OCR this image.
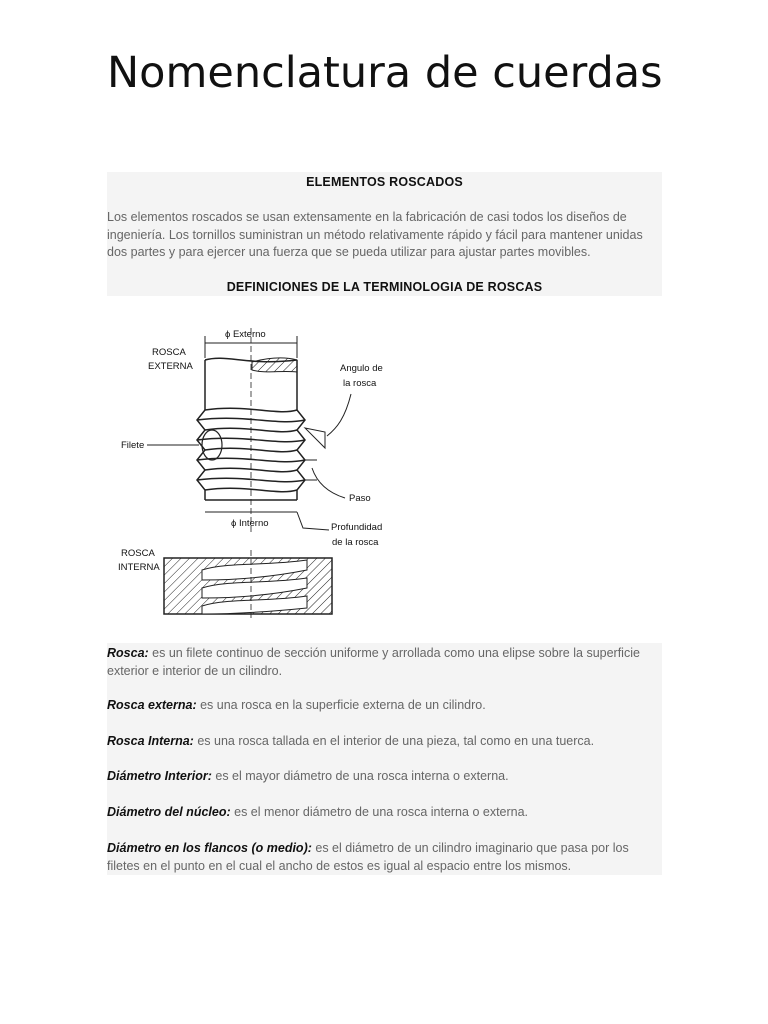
Nomenclatura de cuerdas
ELEMENTOS ROSCADOS

Los elementos roscados se usan extensamente en la fabricación de casi todos los diseños de ingeniería. Los tornillos suministran un método relativamente rápido y fácil para mantener unidas dos partes y para ejercer una fuerza que se pueda utilizar para ajustar partes movibles.

DEFINICIONES DE LA TERMINOLOGIA DE ROSCAS
ϕ Externo
ROSCA
EXTERNA	Angulo de
la rosca
Filete
Paso
ϕ Interno	Profundidad
de la rosca
ROSCA
INTERNA

Rosca: es un filete continuo de sección uniforme y arrollada como una elipse sobre la superficie exterior e interior de un cilindro.

Rosca externa: es una rosca en la superficie externa de un cilindro.

Rosca Interna: es una rosca tallada en el interior de una pieza, tal como en una tuerca.

Diámetro Interior: es el mayor diámetro de una rosca interna o externa.

Diámetro del núcleo: es el menor diámetro de una rosca interna o externa.

Diámetro en los flancos (o medio): es el diámetro de un cilindro imaginario que pasa por los filetes en el punto en el cual el ancho de estos es igual al espacio entre los mismos.
